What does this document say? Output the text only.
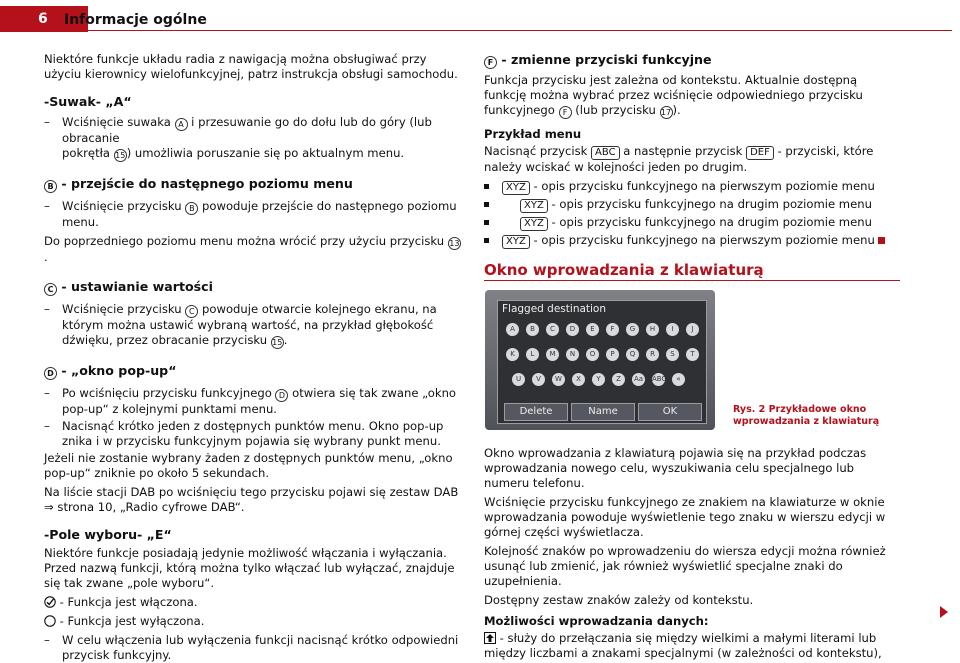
6	Informacje ogólne

Niektóre funkcje układu radia z nawigacją można obsługiwać przy użyciu kierownicy wielofunkcyjnej, patrz instrukcja obsługi samochodu.

-Suwak- „A“

– Wciśnięcie suwaka A i przesuwanie go do dołu lub do góry (lub obracanie
pokrętła 15) umożliwia poruszanie się po aktualnym menu.

B - przejście do następnego poziomu menu

– Wciśnięcie przycisku B powoduje przejście do następnego poziomu menu.

Do poprzedniego poziomu menu można wrócić przy użyciu przycisku 13.

C - ustawianie wartości

– Wciśnięcie przycisku C powoduje otwarcie kolejnego ekranu, na którym można ustawić wybraną wartość, na przykład głębokość dźwięku, przez obracanie przycisku 15.

D - „okno pop-up“

– Po wciśnięciu przycisku funkcyjnego D otwiera się tak zwane „okno pop-up“ z kolejnymi punktami menu.

– Nacisnąć krótko jeden z dostępnych punktów menu. Okno pop-up znika i w przycisku funkcyjnym pojawia się wybrany punkt menu.

Jeżeli nie zostanie wybrany żaden z dostępnych punktów menu, „okno pop-up“ zniknie po około 5 sekundach.

Na liście stacji DAB po wciśnięciu tego przycisku pojawi się zestaw DAB ⇒ strona 10, „Radio cyfrowe DAB“.

-Pole wyboru- „E“

Niektóre funkcje posiadają jedynie możliwość włączania i wyłączania. Przed nazwą funkcji, którą można tylko włączać lub wyłączać, znajduje się tak zwane „pole wyboru“.

- Funkcja jest włączona.

- Funkcja jest wyłączona.

– W celu włączenia lub wyłączenia funkcji nacisnąć krótko odpowiedni przycisk funkcyjny.

F - zmienne przyciski funkcyjne

Funkcja przycisku jest zależna od kontekstu. Aktualnie dostępną funkcję można wybrać przez wciśnięcie odpowiedniego przycisku funkcyjnego F (lub przycisku 17).

Przykład menu

Nacisnąć przycisk ABC a następnie przycisk DEF - przyciski, które należy wciskać w kolejności jeden po drugim.

XYZ - opis przycisku funkcyjnego na pierwszym poziomie menu

XYZ - opis przycisku funkcyjnego na drugim poziomie menu

XYZ - opis przycisku funkcyjnego na drugim poziomie menu

XYZ - opis przycisku funkcyjnego na pierwszym poziomie menu

Okno wprowadzania z klawiaturą

Flagged destination
A	B	C	D	E	F	G	H	I	J
K	L	M	N	O	P	Q	R	S	T
U	V	W	X	Y	Z	Aa ÄBC	«
Delete	Name	OK
BA1-2BF2001
Rys. 2 Przykładowe okno wprowadzania z klawiaturą

Okno wprowadzania z klawiaturą pojawia się na przykład podczas wprowadzania nowego celu, wyszukiwania celu specjalnego lub numeru telefonu.

Wciśnięcie przycisku funkcyjnego ze znakiem na klawiaturze w oknie wprowadzania powoduje wyświetlenie tego znaku w wierszu edycji w górnej części wyświetlacza.

Kolejność znaków po wprowadzeniu do wiersza edycji można również usunąć lub zmienić, jak również wyświetlić specjalne znaki do uzupełnienia.

Dostępny zestaw znaków zależy od kontekstu.

Możliwości wprowadzania danych:

- służy do przełączania się między wielkimi a małymi literami lub między liczbami a znakami specjalnymi (w zależności od kontekstu),
